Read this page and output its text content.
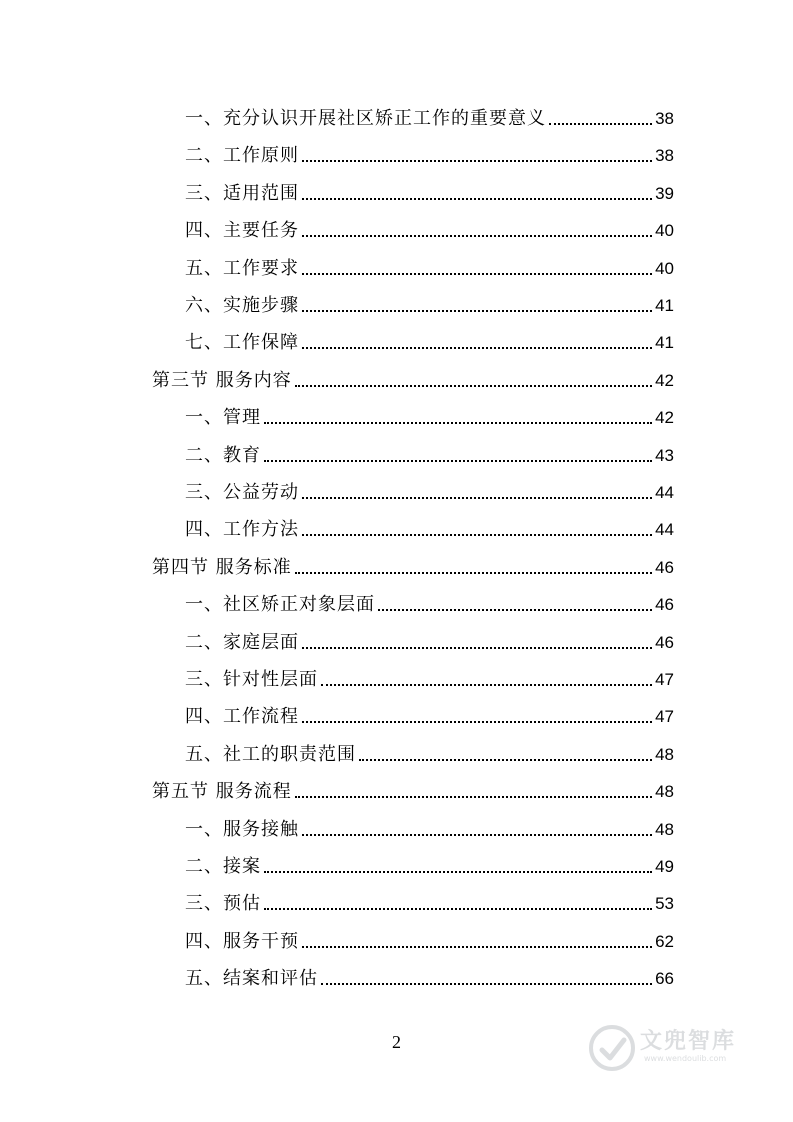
一、充分认识开展社区矫正工作的重要意义	38
二、工作原则	38
三、适用范围	39
四、主要任务	40
五、工作要求	40
六、实施步骤	41
七、工作保障	41
第三节 服务内容	42
一、管理	42
二、教育	43
三、公益劳动	44
四、工作方法	44
第四节 服务标准	46
一、社区矫正对象层面	46
二、家庭层面	46
三、针对性层面	47
四、工作流程	47
五、社工的职责范围	48
第五节 服务流程	48
一、服务接触	48
二、接案	49
三、预估	53
四、服务干预	62
五、结案和评估	66
2	文兜智库
www.wendoulib.com
